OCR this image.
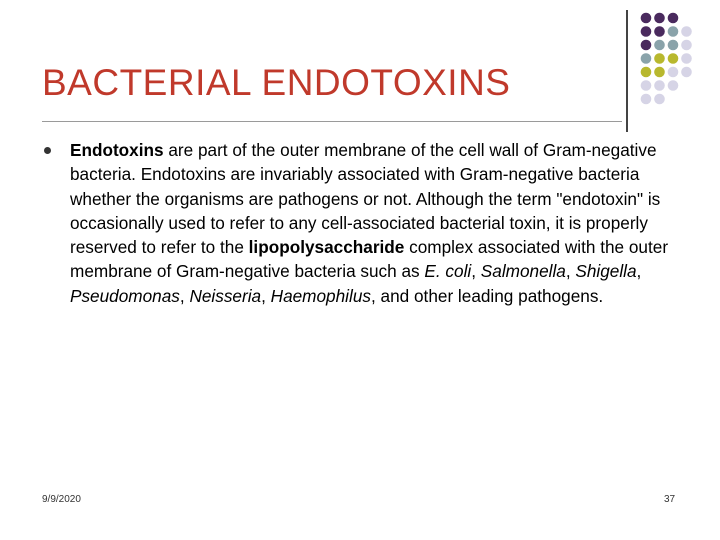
BACTERIAL ENDOTOXINS
Endotoxins are part of the outer membrane of the cell wall of Gram-negative bacteria. Endotoxins are invariably associated with Gram-negative bacteria whether the organisms are pathogens or not. Although the term "endotoxin" is occasionally used to refer to any cell-associated bacterial toxin, it is properly reserved to refer to the lipopolysaccharide complex associated with the outer membrane of Gram-negative bacteria such as E. coli, Salmonella, Shigella,
Pseudomonas, Neisseria, Haemophilus, and other leading pathogens.
9/9/2020	37
